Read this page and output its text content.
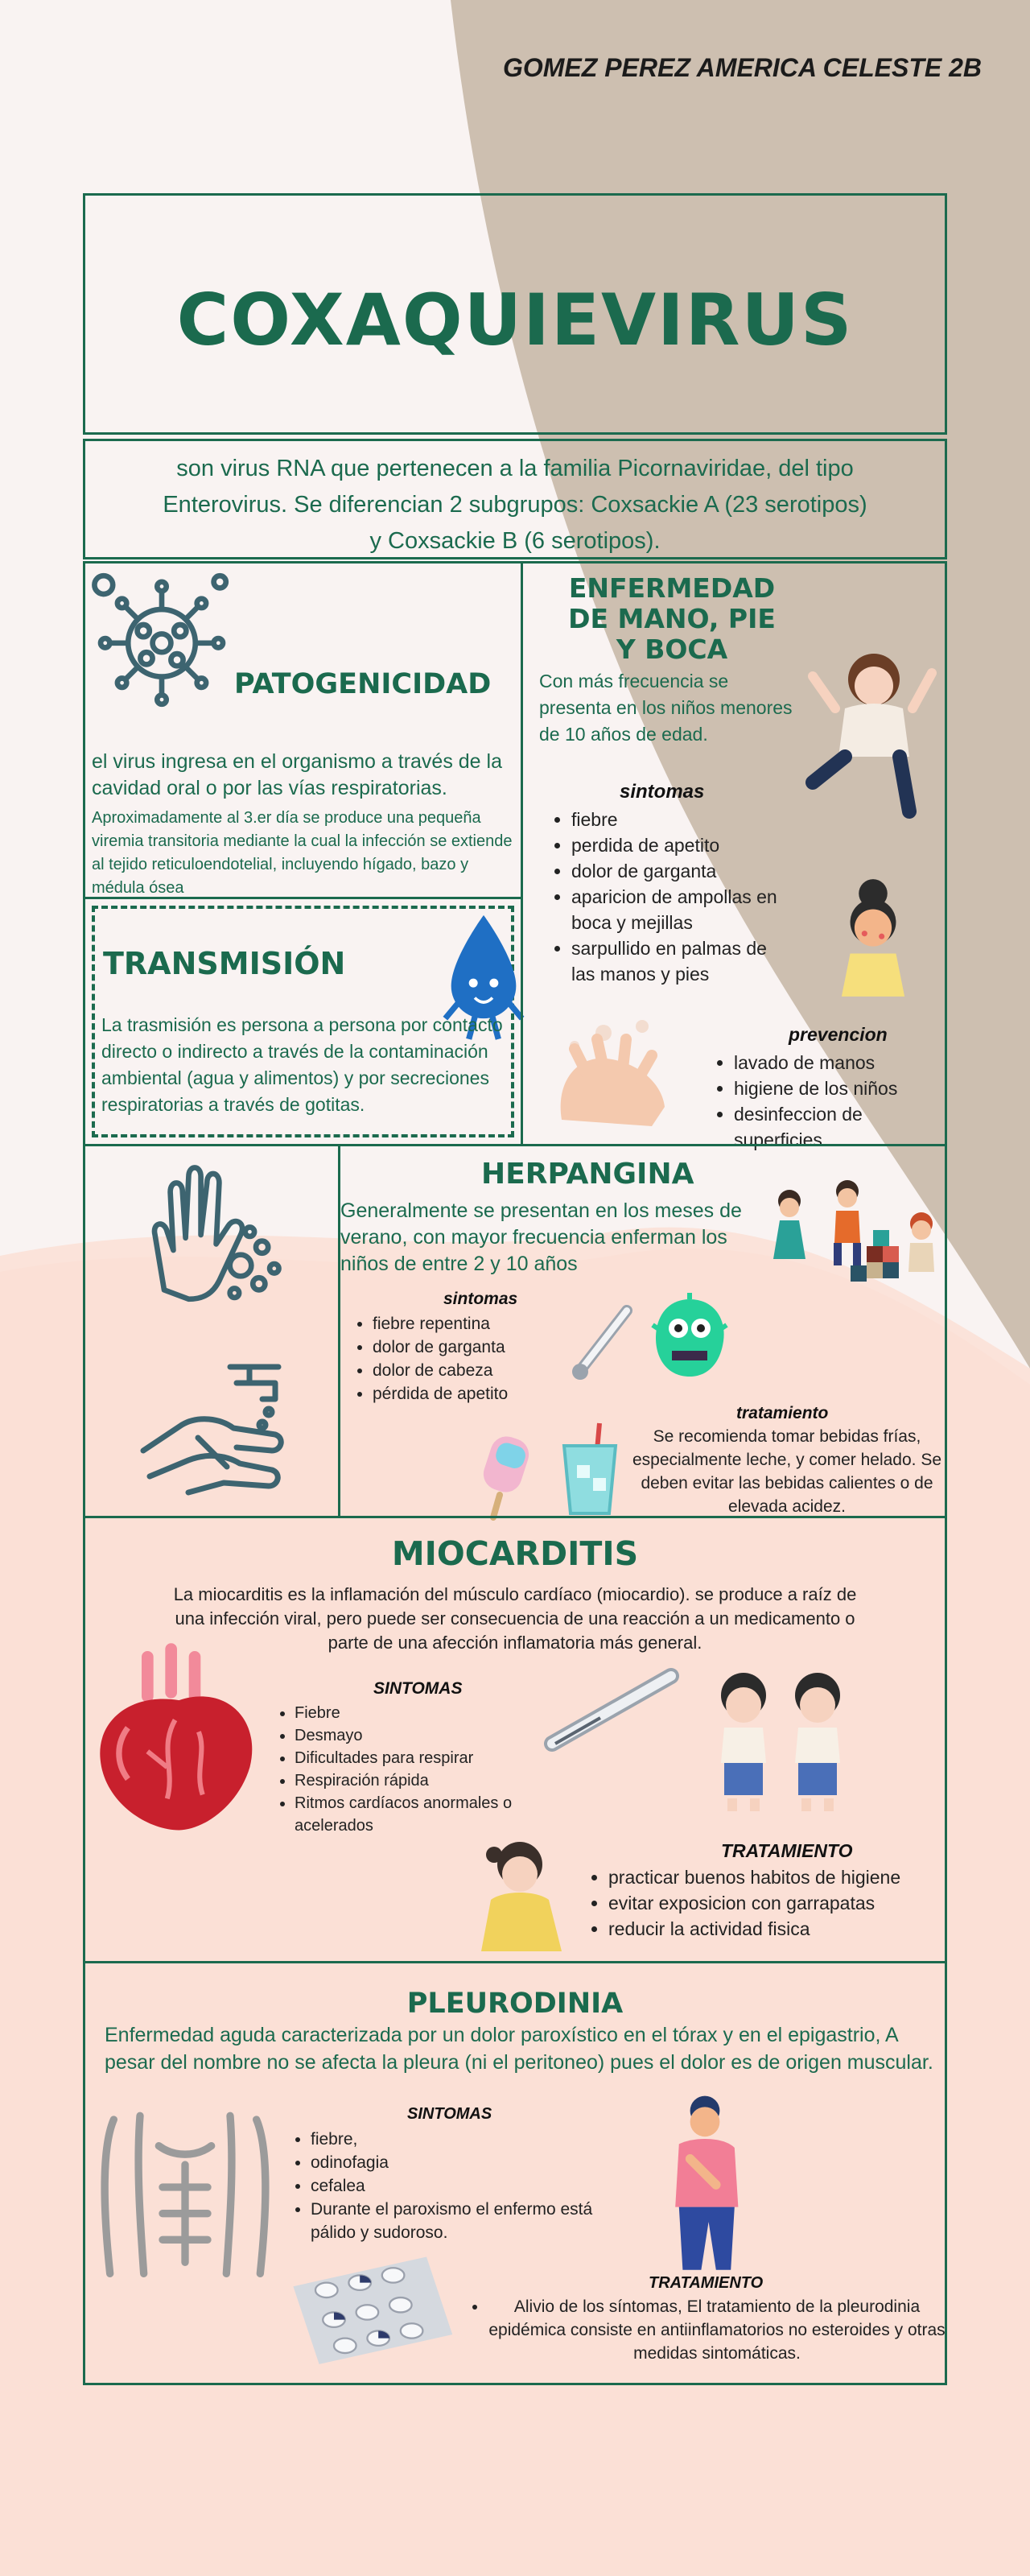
GOMEZ PEREZ AMERICA CELESTE 2B
COXAQUIEVIRUS
son virus RNA que pertenecen a la familia Picornaviridae, del tipo Enterovirus. Se diferencian 2 subgrupos: Coxsackie A (23 serotipos) y Coxsackie B (6 serotipos).
PATOGENICIDAD
el virus ingresa en el organismo a través de la cavidad oral o por las vías respiratorias.
Aproximadamente al 3.er día se produce una pequeña viremia transitoria mediante la cual la infección se extiende al tejido reticuloendotelial, incluyendo hígado, bazo y médula ósea
TRANSMISIÓN
La trasmisión es persona a persona por contacto directo o indirecto a través de la contaminación ambiental (agua y alimentos) y por secreciones respiratorias a través de gotitas.
ENFERMEDAD DE MANO, PIE Y BOCA
Con más frecuencia se presenta en los niños menores de 10 años de edad.
sintomas
• fiebre
• perdida de apetito
• dolor de garganta
• aparicion de ampollas en boca y mejillas
• sarpullido en palmas de las manos y pies
prevencion
• lavado de manos
• higiene de los niños
• desinfeccion de superficies
HERPANGINA
Generalmente se presentan en los meses de verano, con mayor frecuencia enferman los niños de entre 2 y 10 años
sintomas
• fiebre repentina
• dolor de garganta
• dolor de cabeza
• pérdida de apetito
tratamiento
Se recomienda tomar bebidas frías, especialmente leche, y comer helado. Se deben evitar las bebidas calientes o de elevada acidez.
MIOCARDITIS
La miocarditis es la inflamación del músculo cardíaco (miocardio). se produce a raíz de una infección viral, pero puede ser consecuencia de una reacción a un medicamento o parte de una afección inflamatoria más general.
SINTOMAS
• Fiebre
• Desmayo
• Dificultades para respirar
• Respiración rápida
• Ritmos cardíacos anormales o acelerados
TRATAMIENTO
• practicar buenos habitos de higiene
• evitar exposicion con garrapatas
• reducir la actividad fisica
PLEURODINIA
Enfermedad aguda caracterizada por un dolor paroxístico en el tórax y en el epigastrio, A pesar del nombre no se afecta la pleura (ni el peritoneo) pues el dolor es de origen muscular.
SINTOMAS
• fiebre,
• odinofagia
• cefalea
• Durante el paroxismo el enfermo está pálido y sudoroso.
TRATAMIENTO
• Alivio de los síntomas, El tratamiento de la pleurodinia epidémica consiste en antiinflamatorios no esteroides y otras medidas sintomáticas.
